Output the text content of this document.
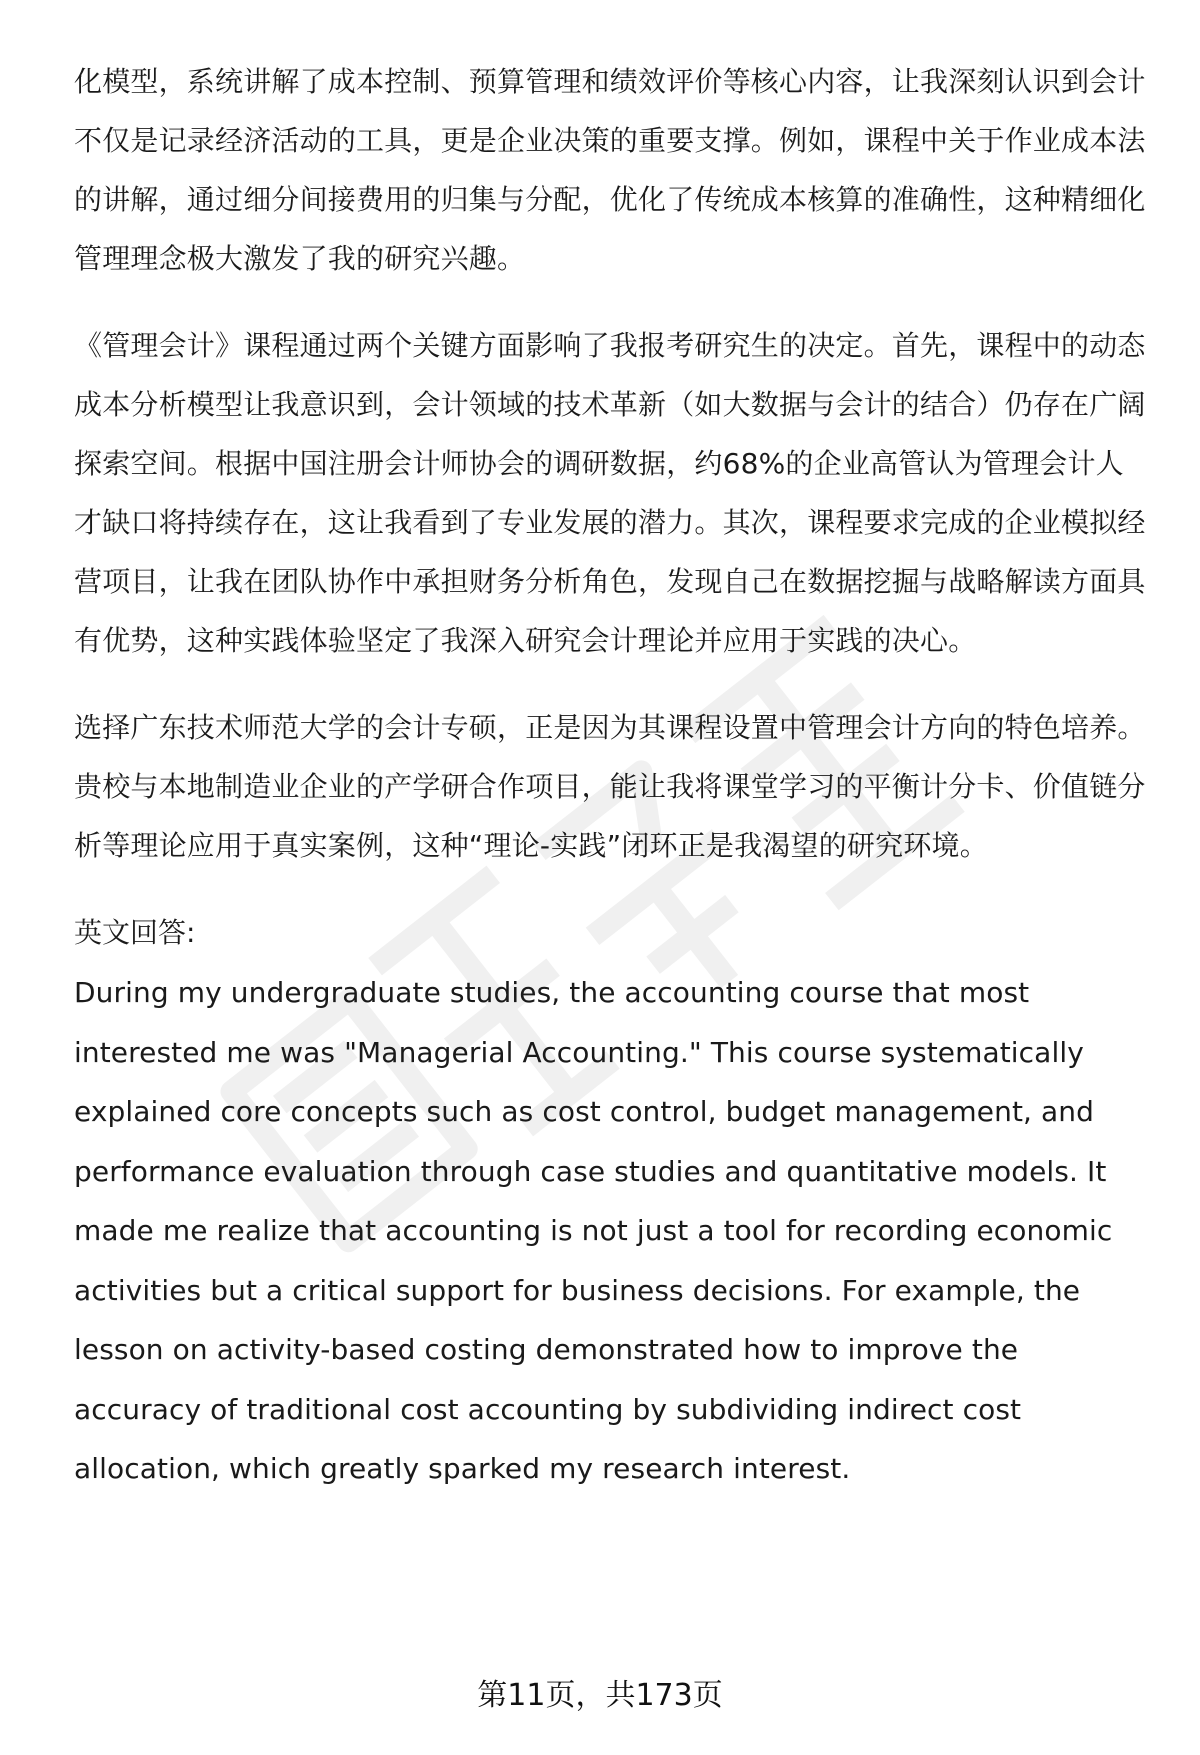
化模型，系统讲解了成本控制、预算管理和绩效评价等核心内容，让我深刻认识到会计不仅是记录经济活动的工具，更是企业决策的重要支撑。例如，课程中关于作业成本法的讲解，通过细分间接费用的归集与分配，优化了传统成本核算的准确性，这种精细化管理理念极大激发了我的研究兴趣。

《管理会计》课程通过两个关键方面影响了我报考研究生的决定。首先，课程中的动态成本分析模型让我意识到，会计领域的技术革新（如大数据与会计的结合）仍存在广阔探索空间。根据中国注册会计师协会的调研数据，约68%的企业高管认为管理会计人才缺口将持续存在，这让我看到了专业发展的潜力。其次，课程要求完成的企业模拟经营项目，让我在团队协作中承担财务分析角色，发现自己在数据挖掘与战略解读方面具有优势，这种实践体验坚定了我深入研究会计理论并应用于实践的决心。

选择广东技术师范大学的会计专硕，正是因为其课程设置中管理会计方向的特色培养。贵校与本地制造业企业的产学研合作项目，能让我将课堂学习的平衡计分卡、价值链分析等理论应用于真实案例，这种“理论-实践”闭环正是我渴望的研究环境。

英文回答:

During my undergraduate studies, the accounting course that most interested me was "Managerial Accounting." This course systematically explained core concepts such as cost control, budget management, and performance evaluation through case studies and quantitative models. It made me realize that accounting is not just a tool for recording economic activities but a critical support for business decisions. For example, the lesson on activity-based costing demonstrated how to improve the accuracy of traditional cost accounting by subdividing indirect cost allocation, which greatly sparked my research interest.

第11页，共173页
